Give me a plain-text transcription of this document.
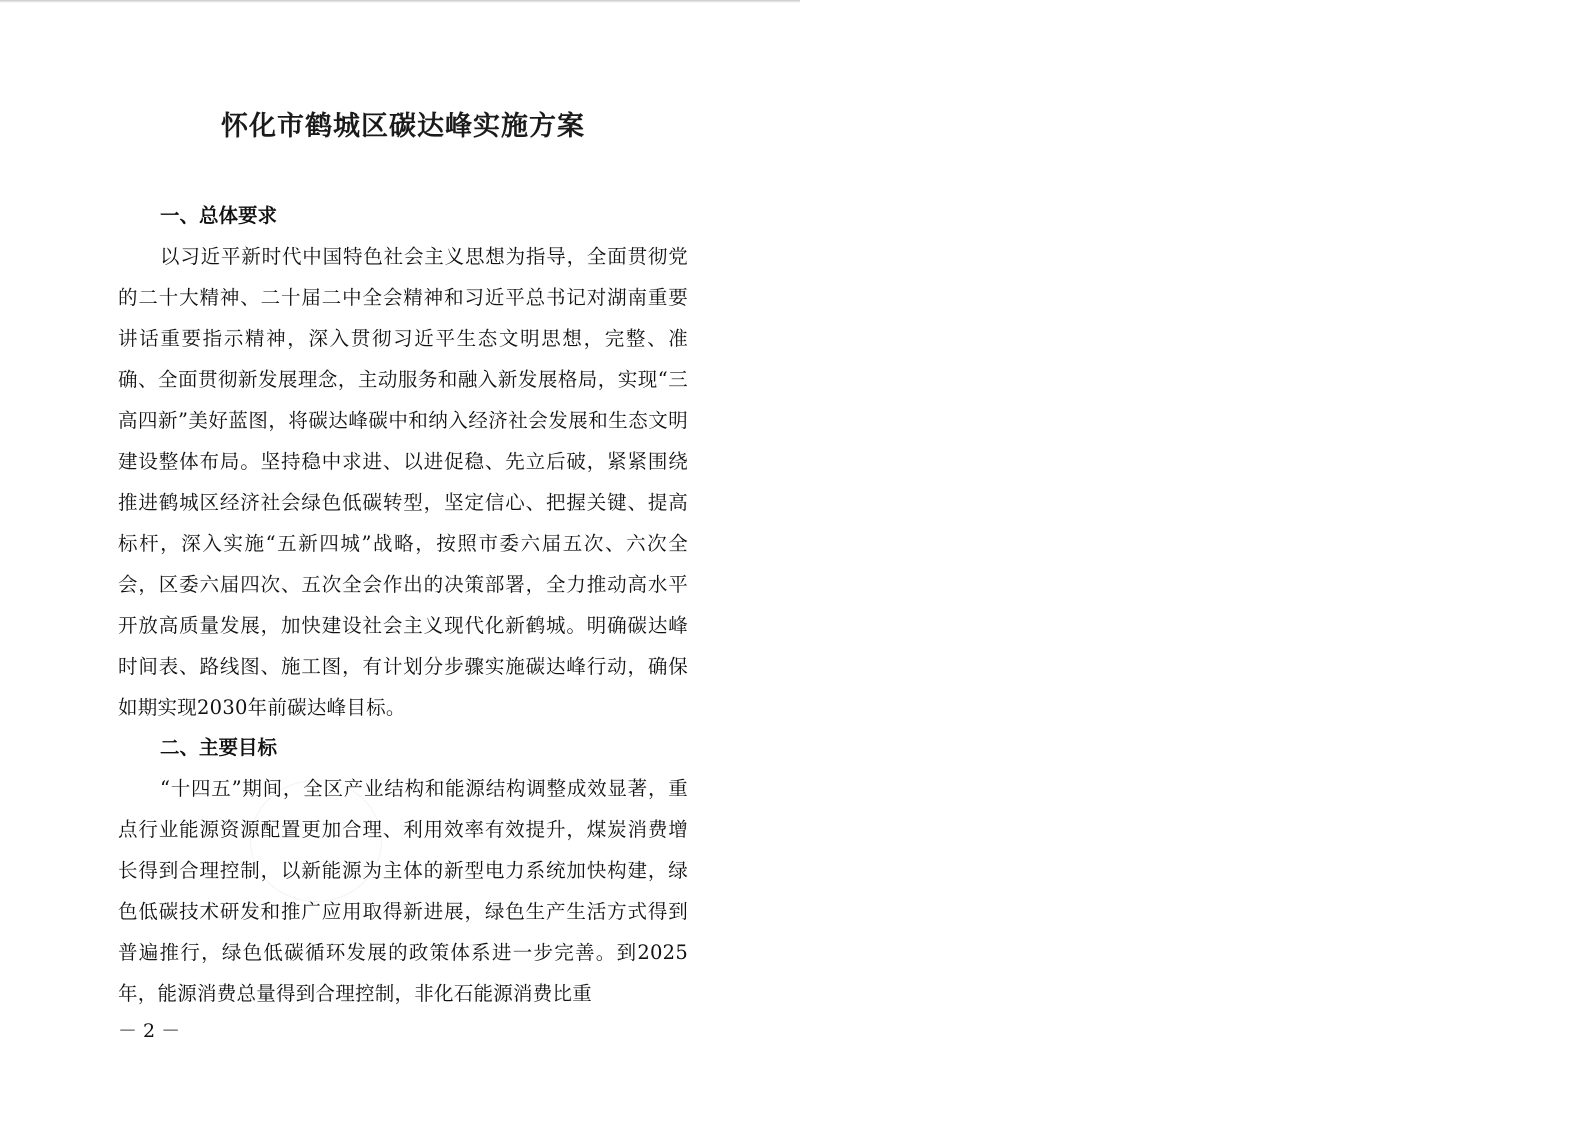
怀化市鹤城区碳达峰实施方案

一、总体要求

以习近平新时代中国特色社会主义思想为指导，全面贯彻党的二十大精神、二十届二中全会精神和习近平总书记对湖南重要讲话重要指示精神，深入贯彻习近平生态文明思想，完整、准确、全面贯彻新发展理念，主动服务和融入新发展格局，实现“三高四新”美好蓝图，将碳达峰碳中和纳入经济社会发展和生态文明建设整体布局。坚持稳中求进、以进促稳、先立后破，紧紧围绕推进鹤城区经济社会绿色低碳转型，坚定信心、把握关键、提高标杆，深入实施“五新四城”战略，按照市委六届五次、六次全会，区委六届四次、五次全会作出的决策部署，全力推动高水平开放高质量发展，加快建设社会主义现代化新鹤城。明确碳达峰时间表、路线图、施工图，有计划分步骤实施碳达峰行动，确保如期实现2030年前碳达峰目标。

二、主要目标

“十四五”期间，全区产业结构和能源结构调整成效显著，重点行业能源资源配置更加合理、利用效率有效提升，煤炭消费增长得到合理控制，以新能源为主体的新型电力系统加快构建，绿色低碳技术研发和推广应用取得新进展，绿色生产生活方式得到普遍推行，绿色低碳循环发展的政策体系进一步完善。到2025年，能源消费总量得到合理控制，非化石能源消费比重

－ 2 －
